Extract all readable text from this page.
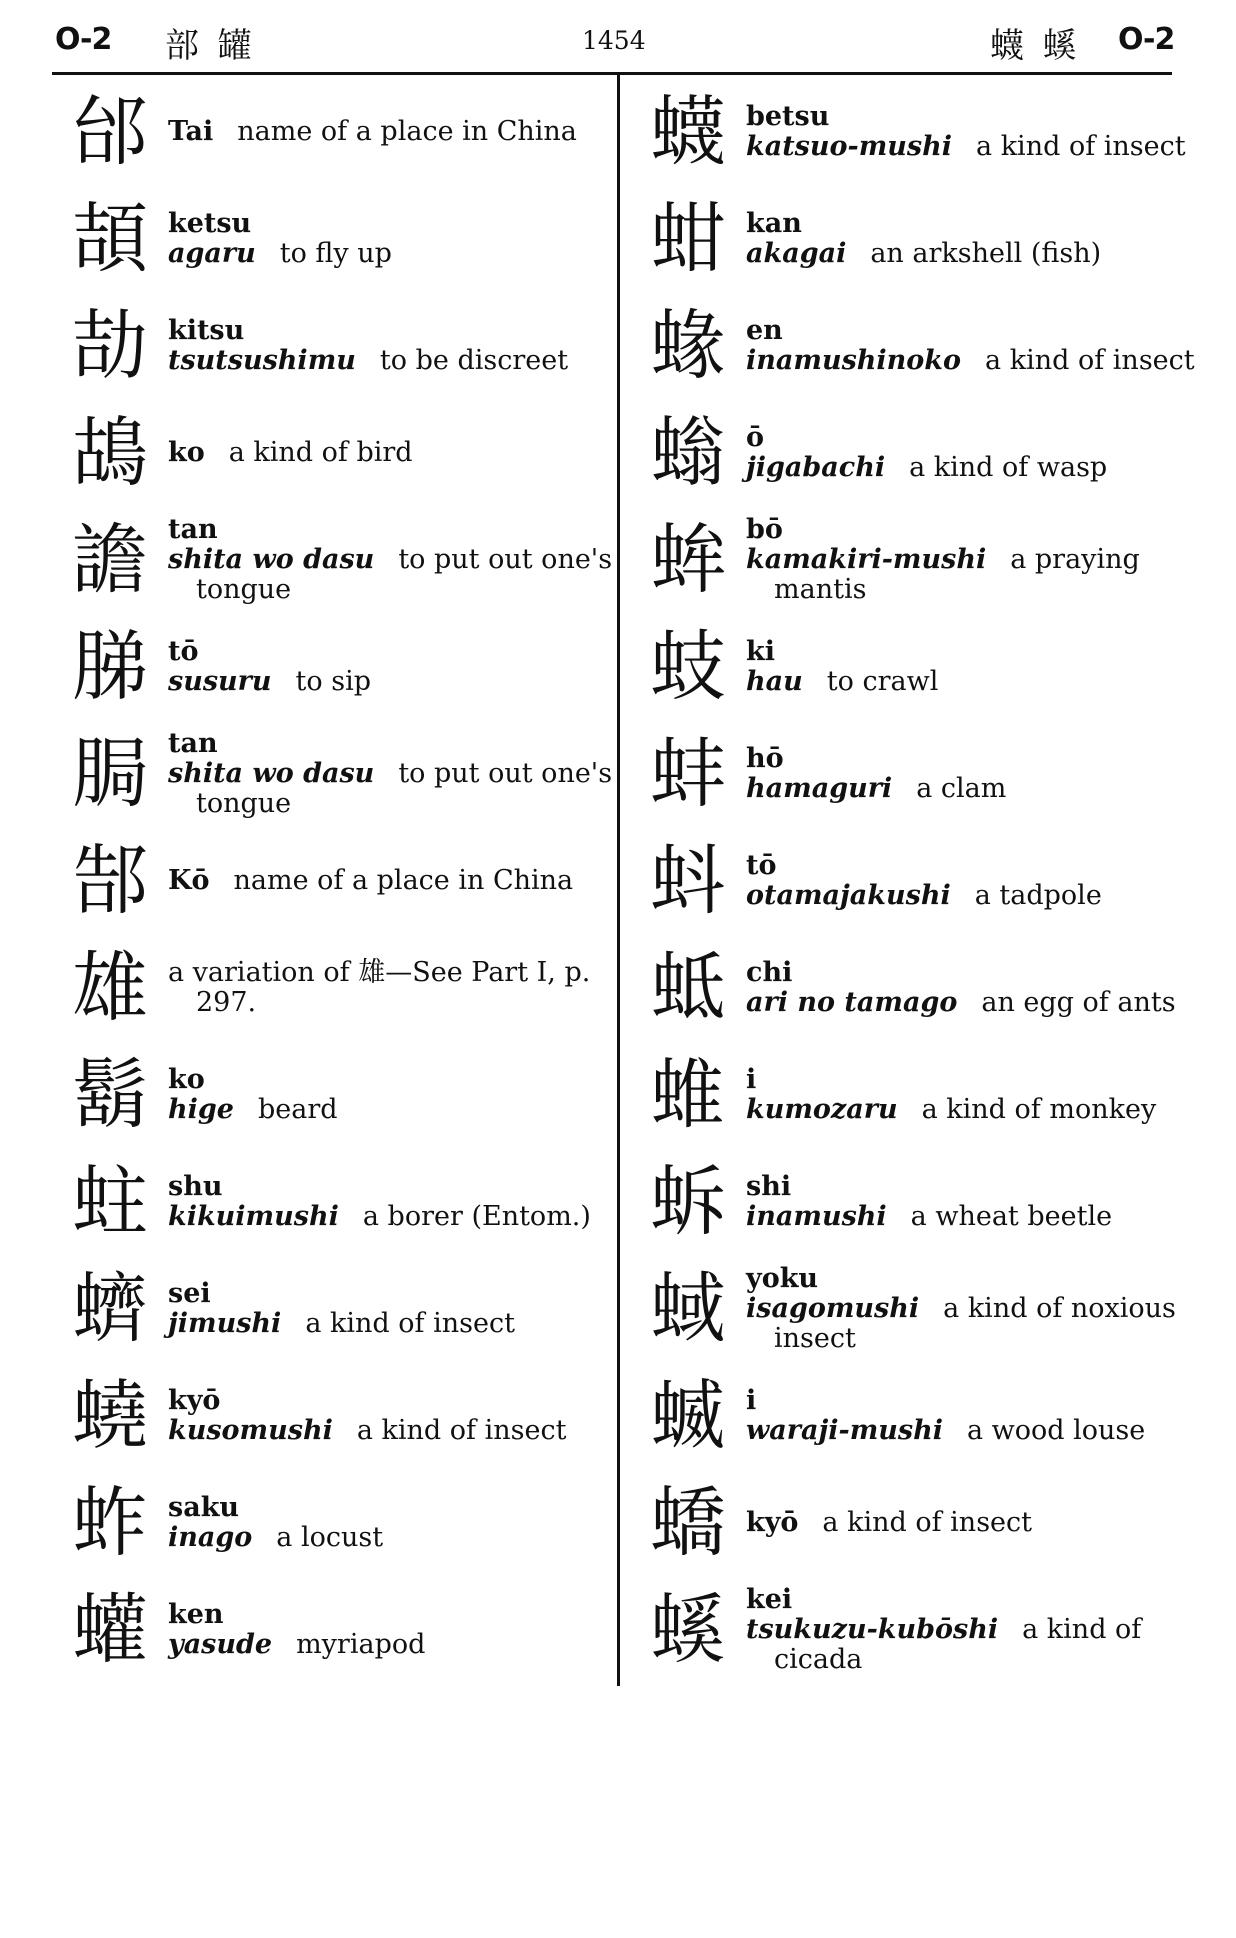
O-2 部 罐	1454	蠛 螇 O-2
邰 Tai name of a place in China
頡 ketsu
agaru to fly up
劼 kitsu
tsutsushimu to be discreet
鴣 ko a kind of bird
譫 tan
shita wo dasu to put out one's
tongue
䏲 tō
susuru to sip
䏱 tan
shita wo dasu to put out one's
tongue
郜 Kō name of a place in China
雄 a variation of 雄—See Part I, p.
297.
鬍 ko
hige beard
蛀 shu
kikuimushi a borer (Entom.)
蠐 sei
jimushi a kind of insect
蟯 kyō
kusomushi a kind of insect
蚱 saku
inago a locust
蠸 ken
yasude myriapod
蠛 betsu
katsuo-mushi a kind of insect
蚶 kan
akagai an arkshell (fish)
蝝 en
inamushinoko a kind of insect
螉 ō
jigabachi a kind of wasp
蛑 bō
kamakiri-mushi a praying
mantis
蚑 ki
hau to crawl
蚌 hō
hamaguri a clam
蚪 tō
otamajakushi a tadpole
蚳 chi
ari no tamago an egg of ants
蜼 i
kumozaru a kind of monkey
蚸 shi
inamushi a wheat beetle
蜮 yoku
isagomushi a kind of noxious
insect
蝛 i
waraji-mushi a wood louse
蟜 kyō a kind of insect
螇 kei
tsukuzu-kubōshi a kind of
cicada
